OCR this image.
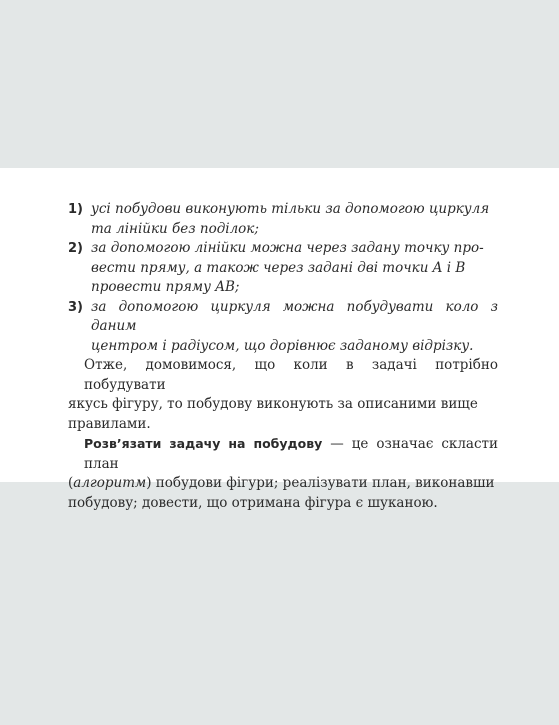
1) усі побудови виконують тільки за допомогою циркуля
та лінійки без поділок;
2) за допомогою лінійки можна через задану точку про-
вести пряму, а також через задані дві точки A і B
провести пряму AB;
3) за допомогою циркуля можна побудувати коло з даним
центром і радіусом, що дорівнює заданому відрізку.
Отже, домовимося, що коли в задачі потрібно побудувати
якусь фігуру, то побудову виконують за описаними вище
правилами.
Розв’язати задачу на побудову — це означає скласти план
(алгоритм) побудови фігури; реалізувати план, виконавши
побудову; довести, що отримана фігура є шуканою.
